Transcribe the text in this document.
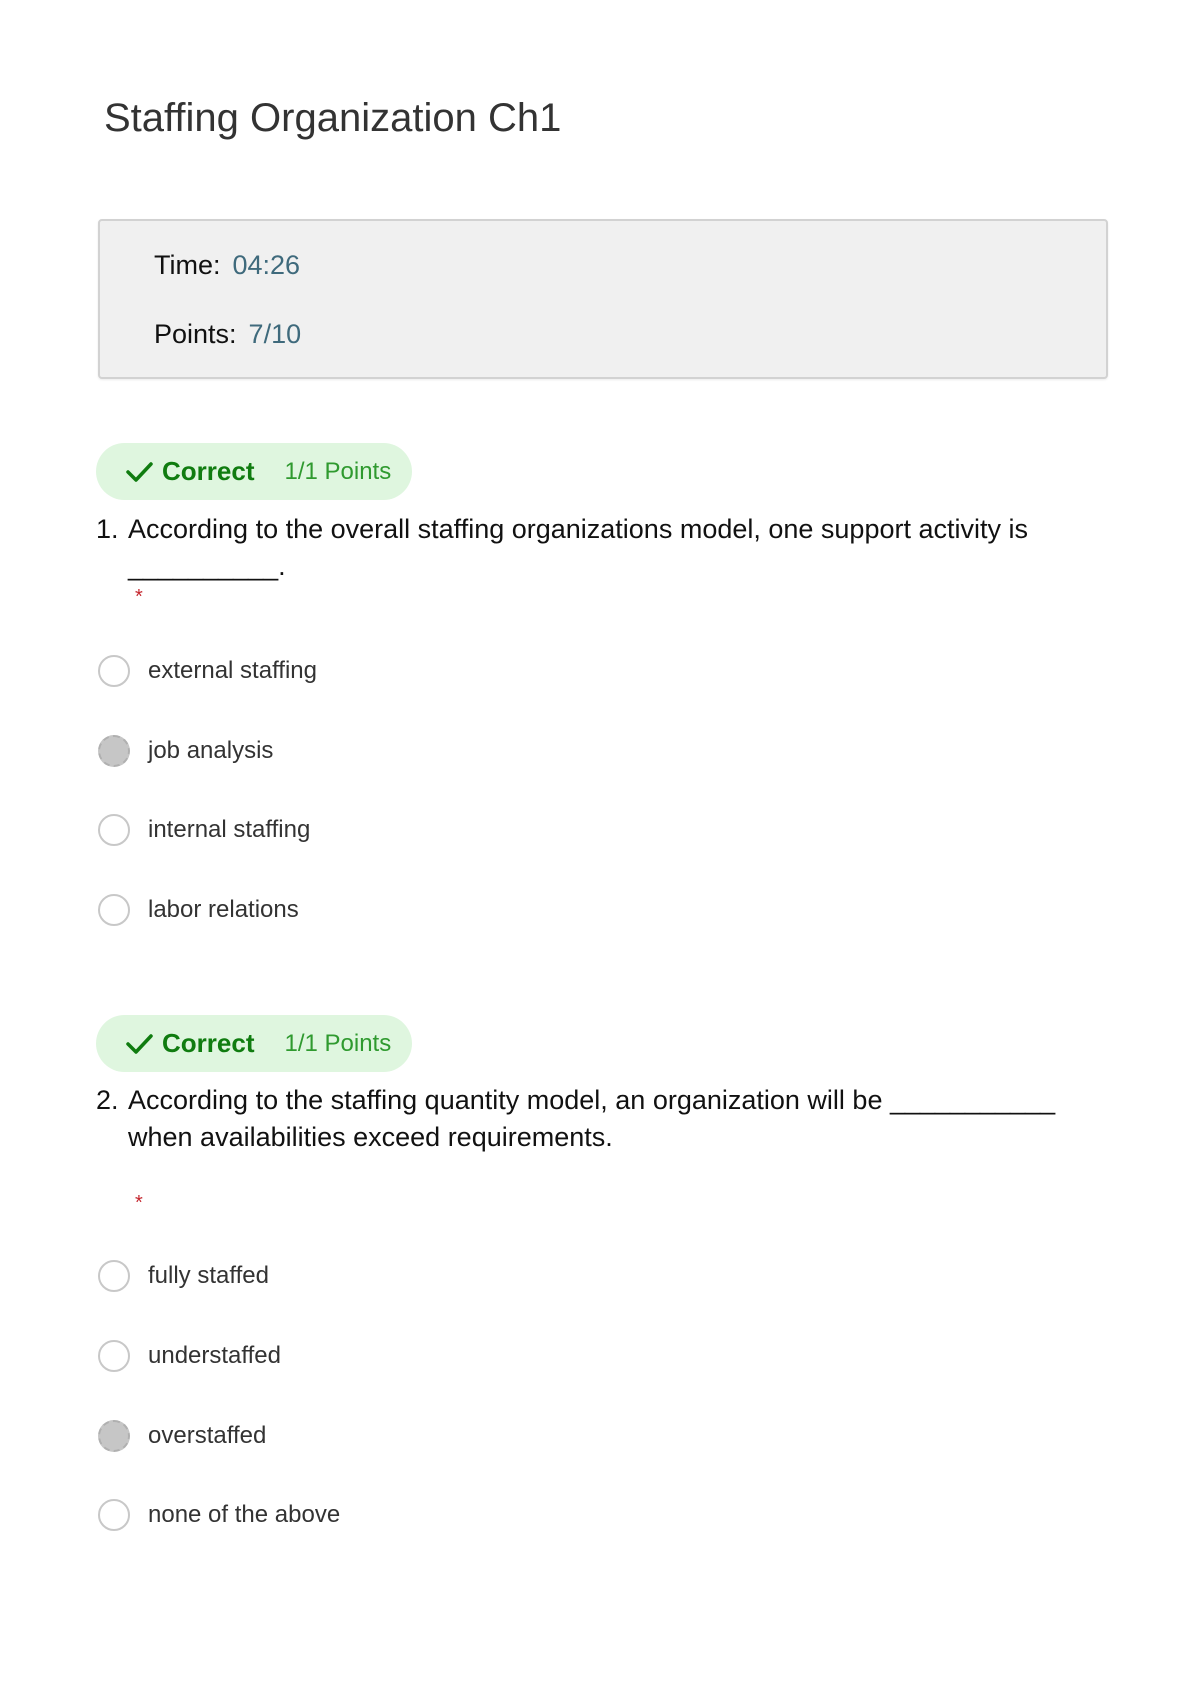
Staffing Organization Ch1
Time: 04:26
Points: 7/10
Correct 1/1 Points
1. According to the overall staffing organizations model, one support activity is __________.

*
external staffing
job analysis
internal staffing
labor relations
Correct 1/1 Points
2. According to the staffing quantity model, an organization will be ___________ when availabilities exceed requirements.

*
fully staffed
understaffed
overstaffed
none of the above
